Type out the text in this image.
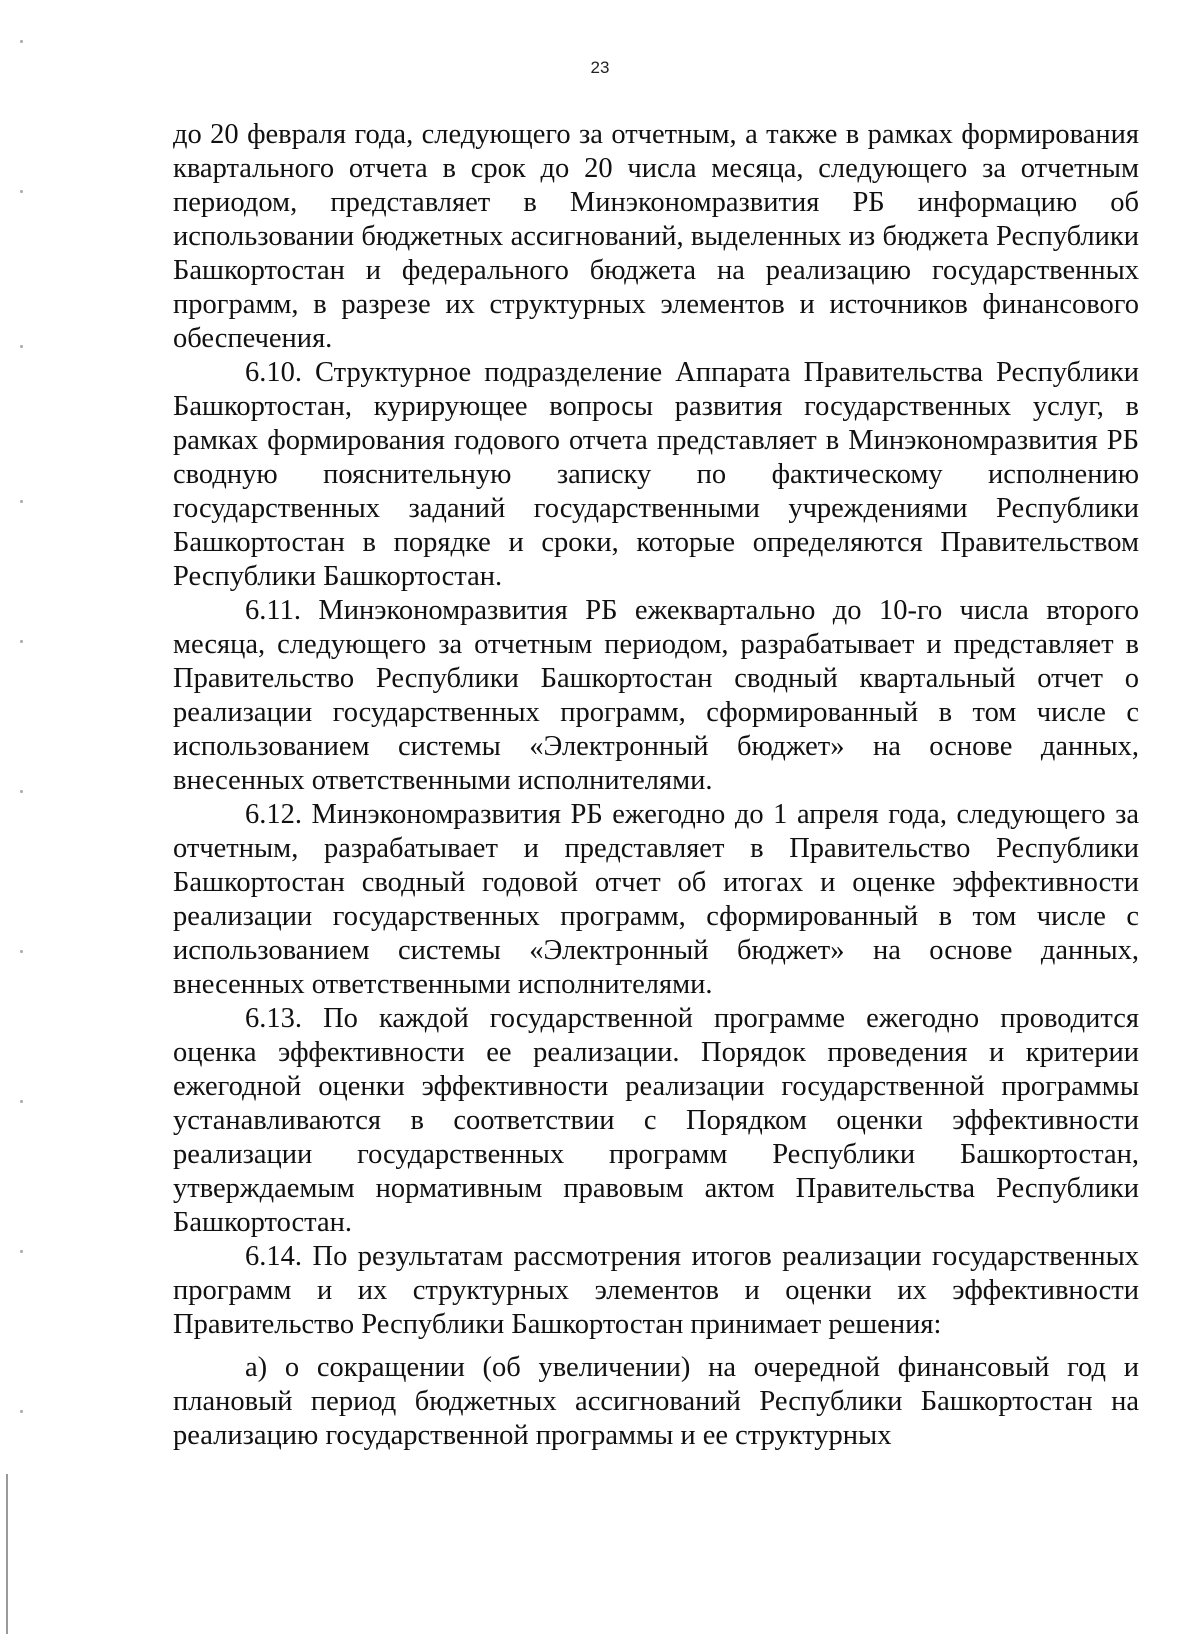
23

до 20 февраля года, следующего за отчетным, а также в рамках формирования квартального отчета в срок до 20 числа месяца, следующего за отчетным периодом, представляет в Минэкономразвития РБ информацию об использовании бюджетных ассигнований, выделенных из бюджета Республики Башкортостан и федерального бюджета на реализацию государственных программ, в разрезе их структурных элементов и источников финансового обеспечения.

6.10. Структурное подразделение Аппарата Правительства Республики Башкортостан, курирующее вопросы развития государственных услуг, в рамках формирования годового отчета представляет в Минэкономразвития РБ сводную пояснительную записку по фактическому исполнению государственных заданий государственными учреждениями Республики Башкортостан в порядке и сроки, которые определяются Правительством Республики Башкортостан.

6.11. Минэкономразвития РБ ежеквартально до 10-го числа второго месяца, следующего за отчетным периодом, разрабатывает и представляет в Правительство Республики Башкортостан сводный квартальный отчет о реализации государственных программ, сформированный в том числе с использованием системы «Электронный бюджет» на основе данных, внесенных ответственными исполнителями.

6.12. Минэкономразвития РБ ежегодно до 1 апреля года, следующего за отчетным, разрабатывает и представляет в Правительство Республики Башкортостан сводный годовой отчет об итогах и оценке эффективности реализации государственных программ, сформированный в том числе с использованием системы «Электронный бюджет» на основе данных, внесенных ответственными исполнителями.

6.13. По каждой государственной программе ежегодно проводится оценка эффективности ее реализации. Порядок проведения и критерии ежегодной оценки эффективности реализации государственной программы устанавливаются в соответствии с Порядком оценки эффективности реализации государственных программ Республики Башкортостан, утверждаемым нормативным правовым актом Правительства Республики Башкортостан.

6.14. По результатам рассмотрения итогов реализации государственных программ и их структурных элементов и оценки их эффективности Правительство Республики Башкортостан принимает решения:

а) о сокращении (об увеличении) на очередной финансовый год и плановый период бюджетных ассигнований Республики Башкортостан на реализацию государственной программы и ее структурных
